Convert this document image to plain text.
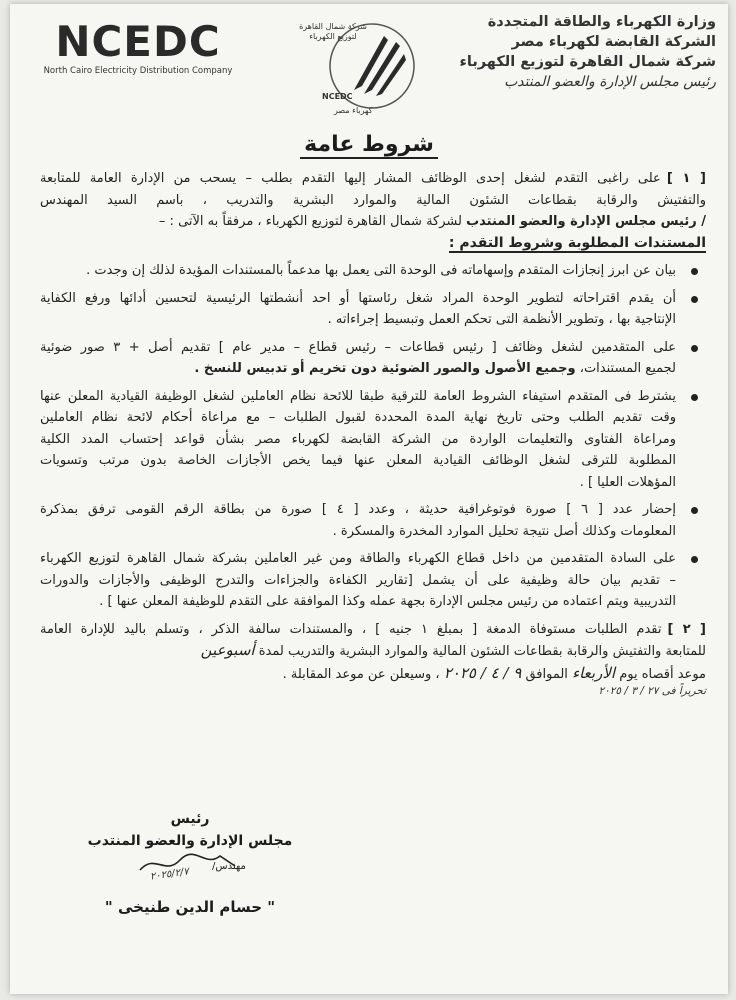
وزارة الكهرباء والطاقة المتجددة
الشركة القابضة لكهرباء مصر
شركة شمال القاهرة لتوزيع الكهرباء
رئيس مجلس الإدارة والعضو المنتدب
NCEDC
North Cairo Electricity Distribution Company
شركة شمال القاهرة لتوزيع الكهرباء
NCEDC
كهرباء مصر
شروط عامة

[ ١ ]على راغبى التقدم لشغل إحدى الوظائف المشار إليها التقدم بطلب – يسحب من الإدارة العامة للمتابعة

والتفتيش والرقابة بقطاعات الشئون المالية والموارد البشرية والتدريب ، باسم السيد المهندس

/ رئيس مجلس الإدارة والعضو المنتدب لشركة شمال القاهرة لتوزيع الكهرباء ، مرفقاً به الآتى : –

المستندات المطلوبة وشروط التقدم :

بيان عن ابرز إنجازات المتقدم وإسهاماته فى الوحدة التى يعمل بها مدعماً بالمستندات المؤيدة لذلك إن وجدت .

أن يقدم اقتراحاته لتطوير الوحدة المراد شغل رئاستها أو احد أنشطتها الرئيسية لتحسين أدائها ورفع الكفاية

الإنتاجية بها ، وتطوير الأنظمة التى تحكم العمل وتبسيط إجراءاته .

على المتقدمين لشغل وظائف [ رئيس قطاعات – رئيس قطاع – مدير عام ] تقديم أصل + ٣ صور ضوئية

لجميع المستندات، وجميع الأصول والصور الضوئية دون تخريم أو تدبيس للنسخ .

يشترط فى المتقدم استيفاء الشروط العامة للترقية طبقا للائحة نظام العاملين لشغل الوظيفة القيادية المعلن عنها

وقت تقديم الطلب وحتى تاريخ نهاية المدة المحددة لقبول الطلبات – مع مراعاة أحكام لائحة نظام العاملين

ومراعاة الفتاوى والتعليمات الواردة من الشركة القابضة لكهرباء مصر بشأن قواعد إحتساب المدد الكلية

المطلوبة للترقى لشغل الوظائف القيادية المعلن عنها فيما يخص الأجازات الخاصة بدون مرتب وتسويات

المؤهلات العليا ] .

إحضار عدد [ ٦ ] صورة فوتوغرافية حديثة ، وعدد [ ٤ ] صورة من بطاقة الرقم القومى ترفق بمذكرة

المعلومات وكذلك أصل نتيجة تحليل الموارد المخدرة والمسكرة .

على السادة المتقدمين من داخل قطاع الكهرباء والطاقة ومن غير العاملين بشركة شمال القاهرة لتوزيع الكهرباء

– تقديم بيان حالة وظيفية على أن يشمل [تقارير الكفاءة والجزاءات والتدرج الوظيفى والأجازات والدورات

التدريبية ويتم اعتماده من رئيس مجلس الإدارة بجهة عمله وكذا الموافقة على التقدم للوظيفة المعلن عنها ] .

[ ٢ ]تقدم الطلبات مستوفاة الدمغة [ بمبلغ ١ جنيه ] ، والمستندات سالفة الذكر ، وتسلم باليد للإدارة العامة

للمتابعة والتفتيش والرقابة بقطاعات الشئون المالية والموارد البشرية والتدريب لمدة أسبوعين

موعد أقصاه يوم الأربعاء الموافق ٩ / ٤ / ٢٠٢٥ ، وسيعلن عن موعد المقابلة .

تحريراً فى ٢٧ / ٣ / ٢٠٢٥

رئيس
مجلس الإدارة والعضو المنتدب
مهندس/
٢٠٢٥/٢/٧
" حسام الدين طنيخى "
